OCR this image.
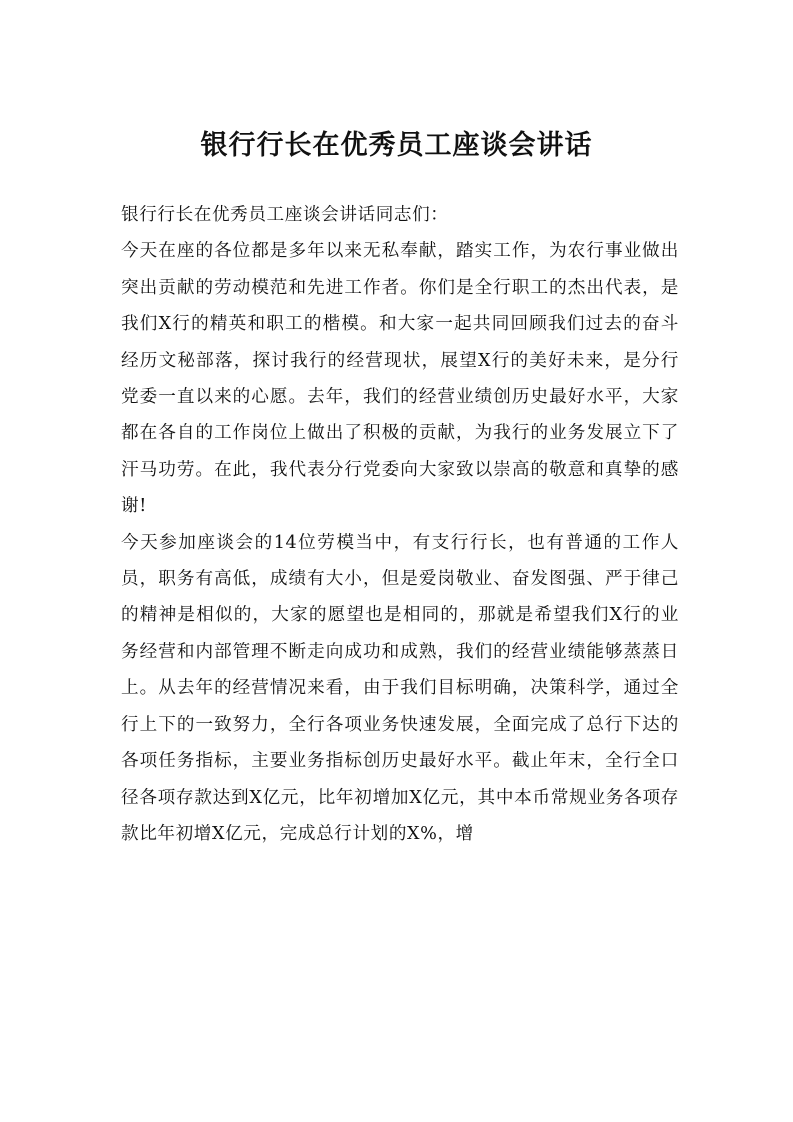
银行行长在优秀员工座谈会讲话

银行行长在优秀员工座谈会讲话同志们：

今天在座的各位都是多年以来无私奉献，踏实工作，为农行事业做出突出贡献的劳动模范和先进工作者。你们是全行职工的杰出代表，是我们X行的精英和职工的楷模。和大家一起共同回顾我们过去的奋斗经历文秘部落，探讨我行的经营现状，展望X行的美好未来，是分行党委一直以来的心愿。去年，我们的经营业绩创历史最好水平，大家都在各自的工作岗位上做出了积极的贡献，为我行的业务发展立下了汗马功劳。在此，我代表分行党委向大家致以崇高的敬意和真挚的感谢!

今天参加座谈会的14位劳模当中，有支行行长，也有普通的工作人员，职务有高低，成绩有大小，但是爱岗敬业、奋发图强、严于律己的精神是相似的，大家的愿望也是相同的，那就是希望我们X行的业务经营和内部管理不断走向成功和成熟，我们的经营业绩能够蒸蒸日上。从去年的经营情况来看，由于我们目标明确，决策科学，通过全行上下的一致努力，全行各项业务快速发展，全面完成了总行下达的各项任务指标，主要业务指标创历史最好水平。截止年末，全行全口径各项存款达到X亿元，比年初增加X亿元，其中本币常规业务各项存款比年初增X亿元，完成总行计划的X%，增
